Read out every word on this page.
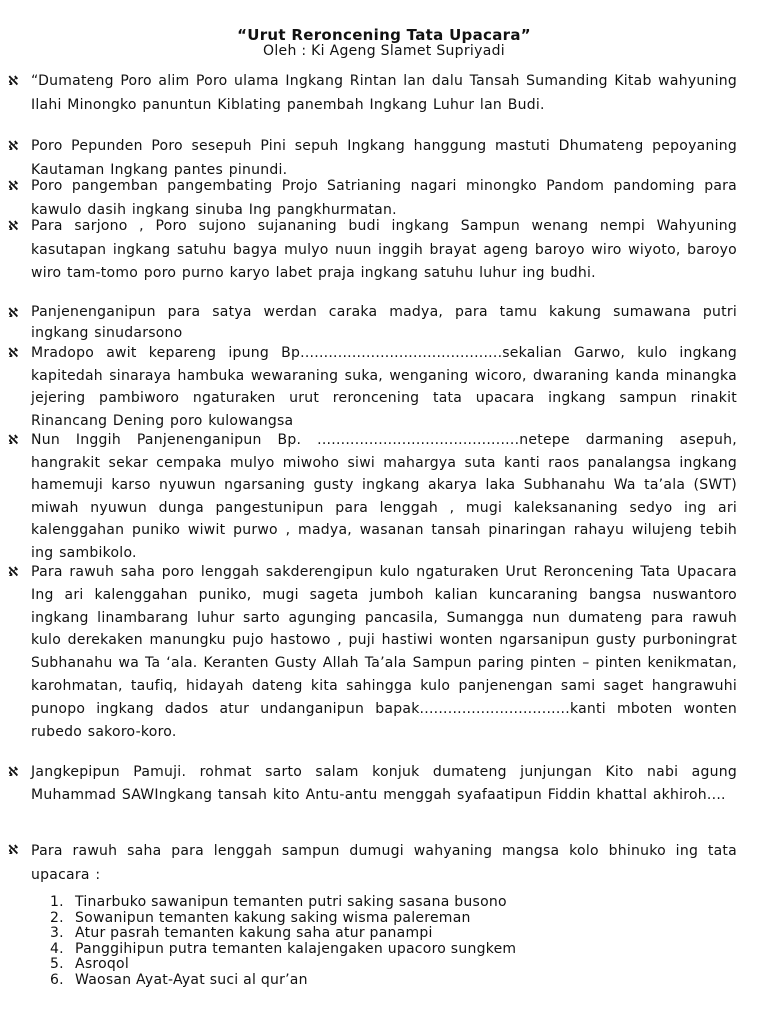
“Urut Reroncening Tata Upacara”
Oleh : Ki Ageng Slamet Supriyadi
ℵ “Dumateng Poro alim Poro ulama Ingkang Rintan lan dalu Tansah Sumanding Kitab wahyuning Ilahi Minongko panuntun Kiblating panembah Ingkang Luhur lan Budi.
ℵ Poro Pepunden Poro sesepuh Pini sepuh Ingkang hanggung mastuti Dhumateng pepoyaning Kautaman Ingkang pantes pinundi.
ℵ Poro pangemban pangembating Projo Satrianing nagari minongko Pandom pandoming para kawulo dasih ingkang sinuba Ing pangkhurmatan.
ℵ Para sarjono , Poro sujono sujananing budi ingkang Sampun wenang nempi Wahyuning kasutapan ingkang satuhu bagya mulyo nuun inggih brayat ageng baroyo wiro wiyoto, baroyo wiro tam-tomo poro purno karyo labet praja ingkang satuhu luhur ing budhi.
ℵ Panjenenganipun para satya werdan caraka madya, para tamu kakung sumawana putri ingkang sinudarsono
ℵ Mradopo awit kepareng ipung Bp...........................................sekalian Garwo, kulo ingkang kapitedah sinaraya hambuka wewaraning suka, wenganing wicoro, dwaraning kanda minangka jejering pambiworo ngaturaken urut reroncening tata upacara ingkang sampun rinakit Rinancang Dening poro kulowangsa
ℵ Nun Inggih Panjenenganipun Bp. ...........................................netepe darmaning asepuh, hangrakit sekar cempaka mulyo miwoho siwi mahargya suta kanti raos panalangsa ingkang hamemuji karso nyuwun ngarsaning gusty ingkang akarya laka Subhanahu Wa ta’ala (SWT) miwah nyuwun dunga pangestunipun para lenggah , mugi kaleksananing sedyo ing ari kalenggahan puniko wiwit purwo , madya, wasanan tansah pinaringan rahayu wilujeng tebih ing sambikolo.
ℵ Para rawuh saha poro lenggah sakderengipun kulo ngaturaken Urut Reroncening Tata Upacara Ing ari kalenggahan puniko, mugi sageta jumboh kalian kuncaraning bangsa nuswantoro ingkang linambarang luhur sarto agunging pancasila, Sumangga nun dumateng para rawuh kulo derekaken manungku pujo hastowo , puji hastiwi wonten ngarsanipun gusty purboningrat Subhanahu wa Ta ‘ala. Keranten Gusty Allah Ta’ala Sampun paring pinten – pinten kenikmatan, karohmatan, taufiq, hidayah dateng kita sahingga kulo panjenengan sami saget hangrawuhi punopo ingkang dados atur undanganipun bapak................................kanti mboten wonten rubedo sakoro-koro.
ℵ Jangkepipun Pamuji. rohmat sarto salam konjuk dumateng junjungan Kito nabi agung Muhammad SAWIngkang tansah kito Antu-antu menggah syafaatipun Fiddin khattal akhiroh....
ℵ Para rawuh saha para lenggah sampun dumugi wahyaning mangsa kolo bhinuko ing tata upacara :
1. Tinarbuko sawanipun temanten putri saking sasana busono
2. Sowanipun temanten kakung saking wisma palereman
3. Atur pasrah temanten kakung saha atur panampi
4. Panggihipun putra temanten kalajengaken upacoro sungkem
5. Asroqol
6. Waosan Ayat-Ayat suci al qur’an
